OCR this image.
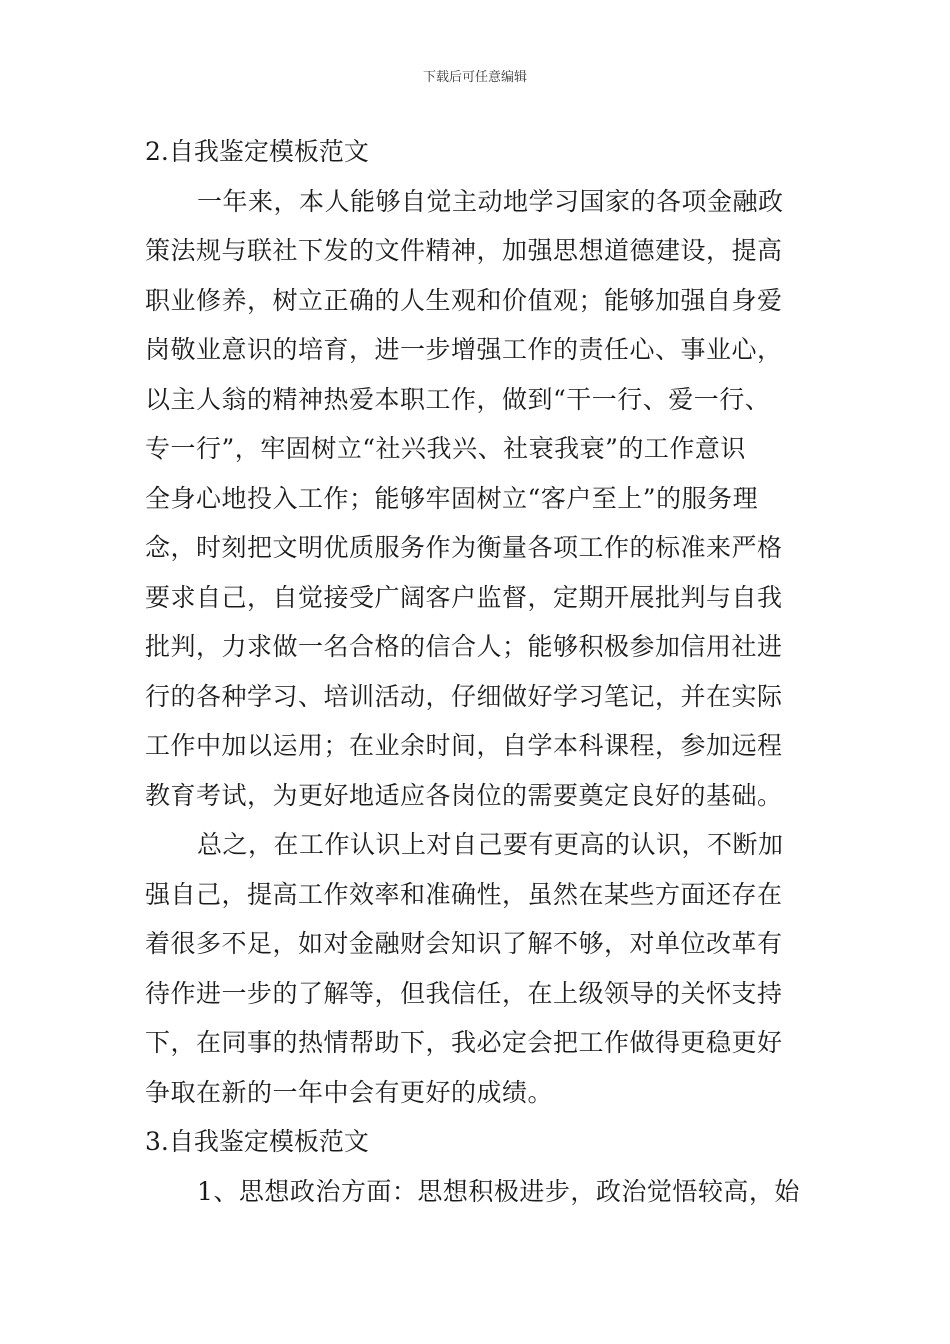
下载后可任意编辑
2.自我鉴定模板范文
一年来，本人能够自觉主动地学习国家的各项金融政
策法规与联社下发的文件精神，加强思想道德建设，提高
职业修养，树立正确的人生观和价值观；能够加强自身爱
岗敬业意识的培育，进一步增强工作的责任心、事业心，
以主人翁的精神热爱本职工作，做到“干一行、爱一行、
专一行”，牢固树立“社兴我兴、社衰我衰”的工作意识
全身心地投入工作；能够牢固树立“客户至上”的服务理
念，时刻把文明优质服务作为衡量各项工作的标准来严格
要求自己，自觉接受广阔客户监督，定期开展批判与自我
批判，力求做一名合格的信合人；能够积极参加信用社进
行的各种学习、培训活动，仔细做好学习笔记，并在实际
工作中加以运用；在业余时间，自学本科课程，参加远程
教育考试，为更好地适应各岗位的需要奠定良好的基础。
总之，在工作认识上对自己要有更高的认识，不断加
强自己，提高工作效率和准确性，虽然在某些方面还存在
着很多不足，如对金融财会知识了解不够，对单位改革有
待作进一步的了解等，但我信任，在上级领导的关怀支持
下，在同事的热情帮助下，我必定会把工作做得更稳更好
争取在新的一年中会有更好的成绩。
3.自我鉴定模板范文
1、思想政治方面：思想积极进步，政治觉悟较高，始
